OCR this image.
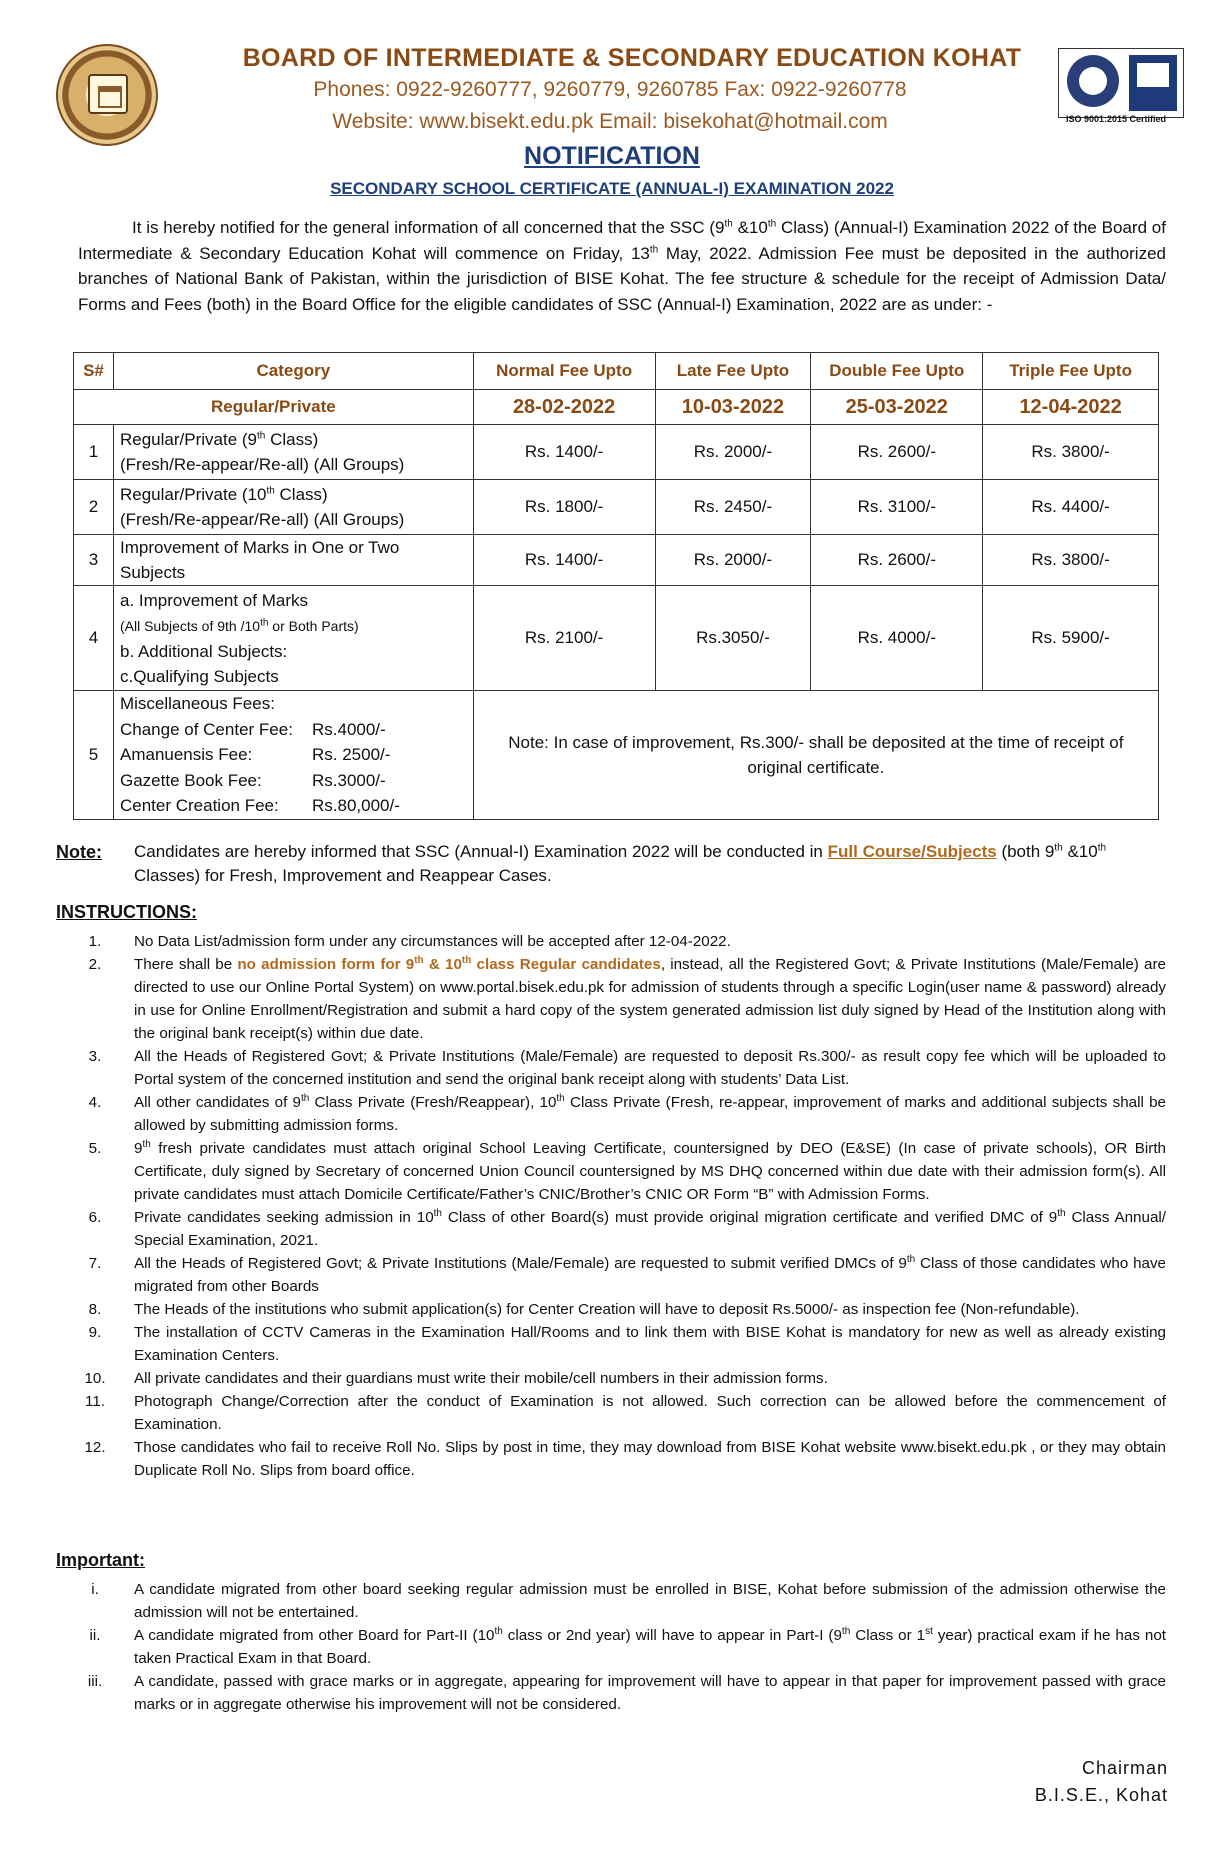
ISO 9001:2015 Certified
BOARD OF INTERMEDIATE & SECONDARY EDUCATION KOHAT
Phones: 0922-9260777, 9260779, 9260785 Fax: 0922-9260778
Website: www.bisekt.edu.pk Email: bisekohat@hotmail.com
NOTIFICATION
SECONDARY SCHOOL CERTIFICATE (ANNUAL-I) EXAMINATION 2022
It is hereby notified for the general information of all concerned that the SSC (9th &10th Class) (Annual-I) Examination 2022 of the Board of Intermediate & Secondary Education Kohat will commence on Friday, 13th May, 2022. Admission Fee must be deposited in the authorized branches of National Bank of Pakistan, within the jurisdiction of BISE Kohat. The fee structure & schedule for the receipt of Admission Data/ Forms and Fees (both) in the Board Office for the eligible candidates of SSC (Annual-I) Examination, 2022 are as under: -
S#	Category	Normal Fee Upto	Late Fee Upto	Double Fee Upto	Triple Fee Upto
Regular/Private		28-02-2022	10-03-2022	25-03-2022	12-04-2022
1	Regular/Private (9th Class)
(Fresh/Re-appear/Re-all) (All Groups)	Rs. 1400/-	Rs. 2000/-	Rs. 2600/-	Rs. 3800/-
2	Regular/Private (10th Class)
(Fresh/Re-appear/Re-all) (All Groups)	Rs. 1800/-	Rs. 2450/-	Rs. 3100/-	Rs. 4400/-
3	Improvement of Marks in One or Two Subjects	Rs. 1400/-	Rs. 2000/-	Rs. 2600/-	Rs. 3800/-
4	a. Improvement of Marks
(All Subjects of 9th /10th or Both Parts)
b. Additional Subjects:
c.Qualifying Subjects	Rs. 2100/-	Rs.3050/-	Rs. 4000/-	Rs. 5900/-
5	Miscellaneous Fees:
Change of Center Fee: Rs.4000/-
Amanuensis Fee: Rs. 2500/-
Gazette Book Fee: Rs.3000/-
Center Creation Fee: Rs.80,000/-	Note: In case of improvement, Rs.300/- shall be deposited at the time of receipt of original certificate.			
Note: Candidates are hereby informed that SSC (Annual-I) Examination 2022 will be conducted in Full Course/Subjects (both 9th &10th Classes) for Fresh, Improvement and Reappear Cases.
INSTRUCTIONS:
1.	No Data List/admission form under any circumstances will be accepted after 12-04-2022.
2.	There shall be no admission form for 9th & 10th class Regular candidates, instead, all the Registered Govt; & Private Institutions (Male/Female) are directed to use our Online Portal System) on www.portal.bisek.edu.pk for admission of students through a specific Login(user name & password) already in use for Online Enrollment/Registration and submit a hard copy of the system generated admission list duly signed by Head of the Institution along with the original bank receipt(s) within due date.
3.	All the Heads of Registered Govt; & Private Institutions (Male/Female) are requested to deposit Rs.300/- as result copy fee which will be uploaded to Portal system of the concerned institution and send the original bank receipt along with students’ Data List.
4.	All other candidates of 9th Class Private (Fresh/Reappear), 10th Class Private (Fresh, re-appear, improvement of marks and additional subjects shall be allowed by submitting admission forms.
5.	9th fresh private candidates must attach original School Leaving Certificate, countersigned by DEO (E&SE) (In case of private schools), OR Birth Certificate, duly signed by Secretary of concerned Union Council countersigned by MS DHQ concerned within due date with their admission form(s). All private candidates must attach Domicile Certificate/Father’s CNIC/Brother’s CNIC OR Form “B” with Admission Forms.
6.	Private candidates seeking admission in 10th Class of other Board(s) must provide original migration certificate and verified DMC of 9th Class Annual/ Special Examination, 2021.
7.	All the Heads of Registered Govt; & Private Institutions (Male/Female) are requested to submit verified DMCs of 9th Class of those candidates who have migrated from other Boards
8.	The Heads of the institutions who submit application(s) for Center Creation will have to deposit Rs.5000/- as inspection fee (Non-refundable).
9.	The installation of CCTV Cameras in the Examination Hall/Rooms and to link them with BISE Kohat is mandatory for new as well as already existing Examination Centers.
10.	All private candidates and their guardians must write their mobile/cell numbers in their admission forms.
11.	Photograph Change/Correction after the conduct of Examination is not allowed. Such correction can be allowed before the commencement of Examination.
12.	Those candidates who fail to receive Roll No. Slips by post in time, they may download from BISE Kohat website www.bisekt.edu.pk , or they may obtain Duplicate Roll No. Slips from board office.
Important:
i.	A candidate migrated from other board seeking regular admission must be enrolled in BISE, Kohat before submission of the admission otherwise the admission will not be entertained.
ii.	A candidate migrated from other Board for Part-II (10th class or 2nd year) will have to appear in Part-I (9th Class or 1st year) practical exam if he has not taken Practical Exam in that Board.
iii.	A candidate, passed with grace marks or in aggregate, appearing for improvement will have to appear in that paper for improvement passed with grace marks or in aggregate otherwise his improvement will not be considered.
Chairman
B.I.S.E., Kohat
